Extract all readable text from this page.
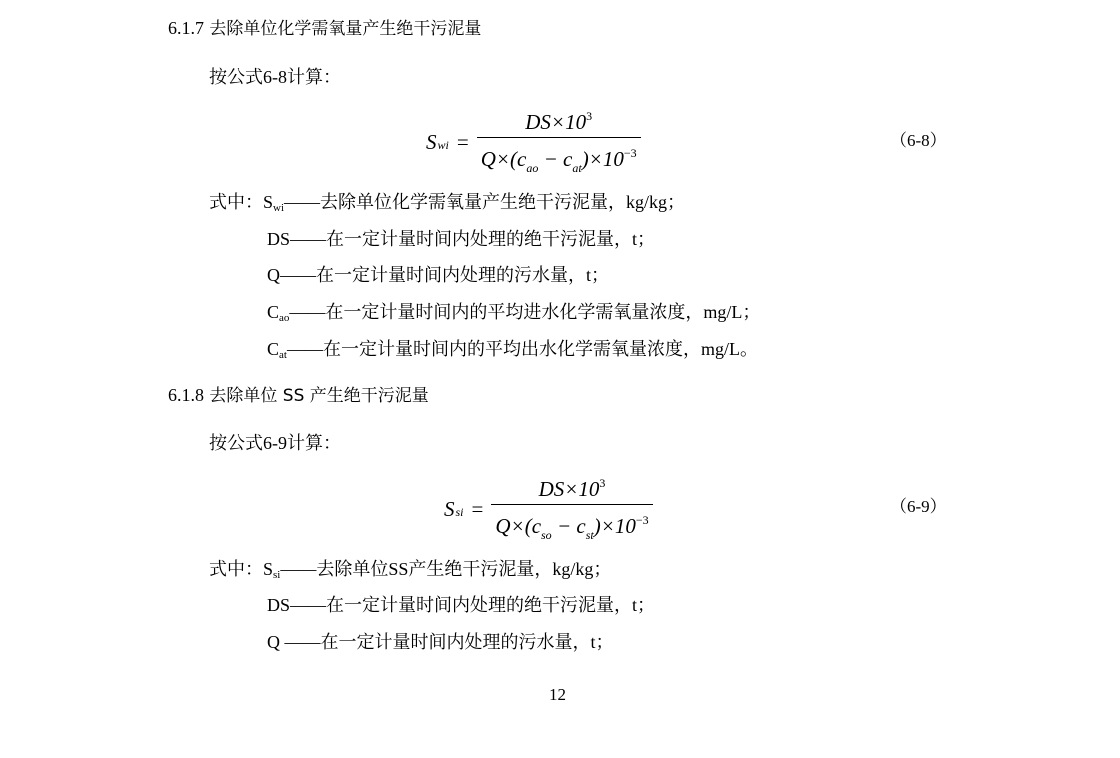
6.1.7 去除单位化学需氧量产生绝干污泥量
按公式6-8计算：
S wi = $\frac{DS\times 10^3}{Q\times(c_{ao} - c_{at})\times 10^{-3}}$	（6-8）
式中：Swi——去除单位化学需氧量产生绝干污泥量，kg/kg；
DS——在一定计量时间内处理的绝干污泥量，t；
Q——在一定计量时间内处理的污水量，t；
Cao——在一定计量时间内的平均进水化学需氧量浓度，mg/L；
Cat——在一定计量时间内的平均出水化学需氧量浓度，mg/L。
6.1.8 去除单位 SS 产生绝干污泥量
按公式6-9计算：
S si = $\frac{DS\times 10^3}{Q\times(c_{so} - c_{st})\times 10^{-3}}$	（6-9）
式中：Ssi——去除单位SS产生绝干污泥量，kg/kg；
DS——在一定计量时间内处理的绝干污泥量，t；
Q ——在一定计量时间内处理的污水量，t；
12
